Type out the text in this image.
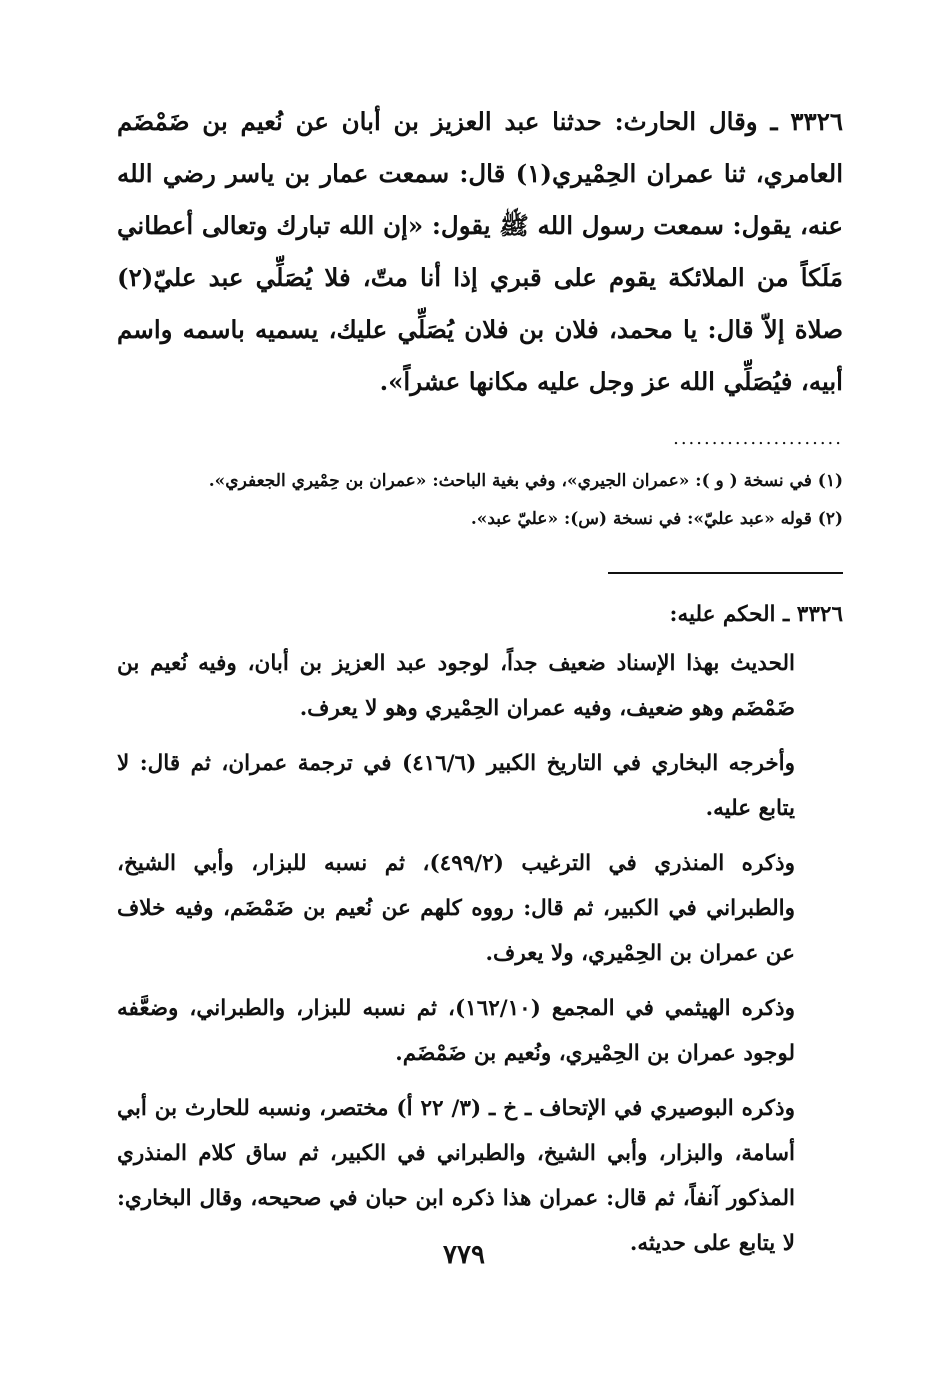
٣٣٢٦ ـ وقال الحارث: حدثنا عبد العزيز بن أبان عن نُعيم بن ضَمْضَم العامري، ثنا عمران الحِمْيري(١) قال: سمعت عمار بن ياسر رضي الله عنه، يقول: سمعت رسول الله ﷺ يقول: «إن الله تبارك وتعالى أعطاني مَلَكاً من الملائكة يقوم على قبري إذا أنا متّ، فلا يُصَلِّي عبد عليّ(٢) صلاة إلاّ قال: يا محمد، فلان بن فلان يُصَلِّي عليك، يسميه باسمه واسم أبيه، فيُصَلِّي الله عز وجل عليه مكانها عشراً».

......................

(١) في نسخة ( و ): «عمران الجيري»، وفي بغية الباحث: «عمران بن حِمْيري الجعفري».

(٢) قوله «عبد عليّ»: في نسخة (س): «عليّ عبد».

٣٣٢٦ ـ الحكم عليه:

الحديث بهذا الإسناد ضعيف جداً، لوجود عبد العزيز بن أبان، وفيه نُعيم بن ضَمْضَم وهو ضعيف، وفيه عمران الحِمْيري وهو لا يعرف.

وأخرجه البخاري في التاريخ الكبير (٤١٦/٦) في ترجمة عمران، ثم قال: لا يتابع عليه.

وذكره المنذري في الترغيب (٤٩٩/٢)، ثم نسبه للبزار، وأبي الشيخ، والطبراني في الكبير، ثم قال: رووه كلهم عن نُعيم بن ضَمْضَم، وفيه خلاف عن عمران بن الحِمْيري، ولا يعرف.

وذكره الهيثمي في المجمع (١٦٢/١٠)، ثم نسبه للبزار، والطبراني، وضعَّفه لوجود عمران بن الحِمْيري، ونُعيم بن ضَمْضَم.

وذكره البوصيري في الإتحاف ـ خ ـ (٣/ ٢٢ أ) مختصر، ونسبه للحارث بن أبي أسامة، والبزار، وأبي الشيخ، والطبراني في الكبير، ثم ساق كلام المنذري المذكور آنفاً، ثم قال: عمران هذا ذكره ابن حبان في صحيحه، وقال البخاري: لا يتابع على حديثه.

٧٧٩
